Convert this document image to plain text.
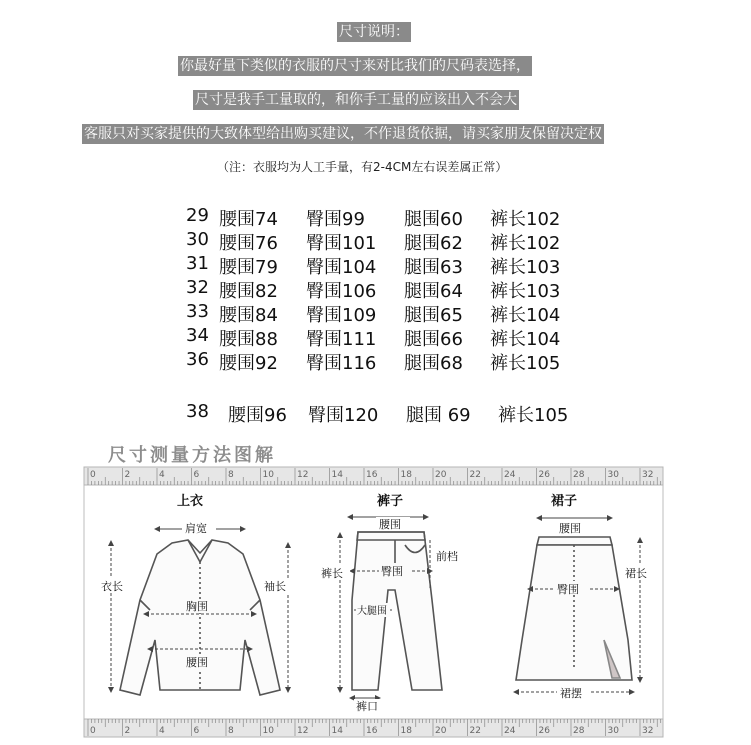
尺寸说明：
你最好量下类似的衣服的尺寸来对比我们的尺码表选择，
尺寸是我手工量取的，和你手工量的应该出入不会大
客服只对买家提供的大致体型给出购买建议，不作退货依据，请买家朋友保留决定权
（注：衣服均为人工手量，有2-4CM左右误差属正常）
29 腰围74 臀围99 腿围60 裤长102
30 腰围76 臀围101 腿围62 裤长102
31 腰围79 臀围104 腿围63 裤长103
32 腰围82 臀围106 腿围64 裤长103
33 腰围84 臀围109 腿围65 裤长104
34 腰围88 臀围111 腿围66 裤长104
36 腰围92 臀围116 腿围68 裤长105
38 腰围96 臀围120 腿围 69 裤长105
尺寸测量方法图解
0	2	4	6	8	10	12	14	16	18	20	22	24	26	28	30	32
0	2	4	6	8	10	12	14	16	18	20	22	24	26	28	30	32
上衣
肩宽
衣长	袖长
胸围
腰围
裤子
腰围
臀围
前档
裤长
大腿围
裤口
裙子
腰围
臀围
裙长
裙摆
